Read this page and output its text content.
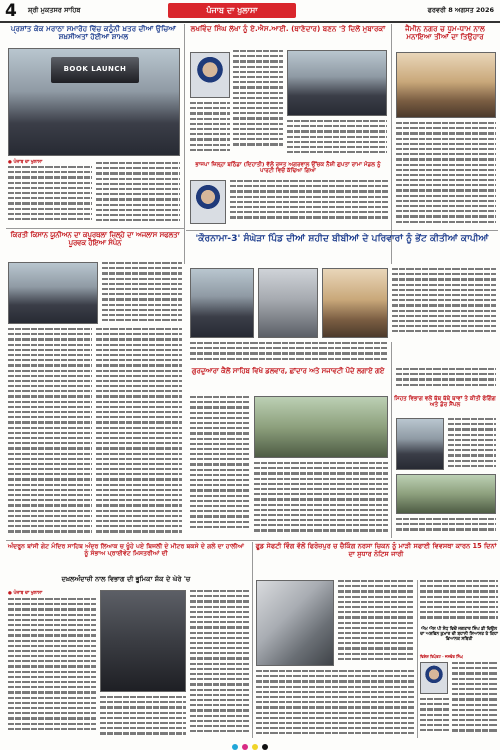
4 ਸ਼੍ਰੀ ਮੁਕਤਸਰ ਸਾਹਿਬ	ਪੰਜਾਬ ਦਾ ਖੁਲਾਸਾ	ਫਰਵਰੀ 8 ਅਗਸਤ 2026
ਪ੍ਰਸ਼ਾਂਤ ਕੇਕ ਮਰਾਠਾ ਸਮਾਰੋਹ ਵਿੱਚ ਕਨੂੰਨੀ ਖ਼ਤਰ ਦੀਆਂ ਉਚਿਆਂ ਸ਼ਖ਼ਸੀਅਤਾਂ ਹੋਈਆਂ ਸ਼ਾਮਲ
BOOK LAUNCH
● ਪੰਜਾਬ ਦਾ ਖੁਲਾਸਾ
ਲਖਵਿੰਦ ਸਿੰਘ ਲੱਖਾ ਨੂੰ ਏ.ਐਸ.ਆਈ. (ਥਾਣੇਦਾਰ) ਬਣਨ 'ਤੇ ਦਿਲੋਂ ਮੁਬਾਰਕਾਂ
ਭਾਜਪਾ ਜ਼ਿਲ੍ਹਾ ਬਠਿੰਡਾ (ਦਿਹਾਤੀ) ਵੱਲੋਂ ਰਜਤ ਅਗਰਵਾਲ ਉੱਚਕ ਨੈਸ਼ੀ ਗੁਪਤਾ ਰਾਮਾ ਮੰਡਲ ਨੂੰ ਪਾਰਟੀ ਵਿਚੋਂ ਕੱਢਿਆ ਗਿਆ
ਜੈਮੀਨ ਨਗਰ ਚ ਧੂਮ-ਧਾਮ ਨਾਲ ਮਨਾਇਆ ਤੀਆਂ ਦਾ ਤਿਉਹਾਰ
ਕਿਰਤੀ ਕਿਸਾਨ ਯੂਨੀਅਨ ਦਾ ਕਪੂਰਥਲਾ ਜ਼ਿਲ੍ਹੇ ਦਾ ਅਜਲਾਸ ਸਫਲਤਾ ਪੂਰਵਕ ਹੋਇਆ ਸੰਪੰਨ	'ਕੌਰਨਾਮਾ-3' ਸੰਘੇੜਾ ਪਿੰਡ ਦੀਆਂ ਸ਼ਹੀਦ ਬੀਬੀਆਂ ਦੇ ਪਰਿਵਾਰਾਂ ਨੂੰ ਭੇਂਟ ਕੀਤੀਆਂ ਕਾਪੀਆਂ
ਗੁਰਦੁਆਰਾ ਕੈਲੋਂ ਸਾਹਿਬ ਵਿਖੇ ਡਲਵਾਰ, ਛਾਂਦਾਰ ਅਤੇ ਸਜਾਵਟੀ ਪੌਦੇ ਲਗਾਏ ਗਏ
ਸਿਹਤ ਵਿਭਾਗ ਵਲੋਂ ਥੱਥ ਥੱਥੇ ਥਾਵਾਂ ਤੇ ਕੀਤੀ ਫੋਗਿੰਗ ਅਤੇ ਡੋਰ ਸੈਂਪਲ
ਅੰਦਰੂਨ ਬਾਂਸੀ ਗੇਟ ਮੰਦਿਰ ਸਾਹਿਬ ਅੰਦਰ ਲਿਆਕ ਚ ਖੂੰਹੇ ਪਏ ਬਿਜਲੀ ਦੇ ਮੀਟਰ ਬਕਸੇ ਦੇ ਗਲੇ ਦਾ ਹਾਲੀਆਂ ਨੂੰ ਸੰਭਾਅ ਪ੍ਰਾਈਵੇਟ ਮਿਸਤਰੀਆਂ ਦੀ
ਦਖ਼ਲਅੰਦਾਜ਼ੀ ਨਾਲ ਵਿਭਾਗ ਦੀ ਭੂਮਿਕਾ ਸ਼ੱਕ ਦੇ ਘੇਰੇ 'ਚ
● ਪੰਜਾਬ ਦਾ ਖੁਲਾਸਾ
ਫੂਡ ਸੇਫਟੀ ਵਿੰਗ ਵੱਲੋਂ ਫਿਰੋਜ਼ਪੁਰ ਚ ਚੈਕਿੰਗ ਨਰਸਾ ਚਿਕਨ ਨੂੰ ਮਾੜੀ ਸਫਾਈ ਵਿਵਸਥਾ ਕਾਰਨ 15 ਦਿਨਾਂ ਦਾ ਸੁਧਾਰ ਨੋਟਿਸ ਜਾਰੀ
ਐਮ ਐਸ ਪੀ ਸੋਧ ਵਿਚੋਂ ਜਗਤਾਰ ਸਿੰਘ ਡੀ ਦਿਉਲ ਦਾ ਅਸ਼ਵਿਨ ਕੁਮਾਰ ਦੀ ਬਹਾਨੀ ਸਿਆਸਤ ਤੇ ਕਿਹਾ ਭਿਆਨਕ ਸਥਿਤੀ
ਵਿਸ਼ੇਸ਼ ਰਿਪੋਰਟ - ਜਸਵੰਤ ਸਿੰਘ
